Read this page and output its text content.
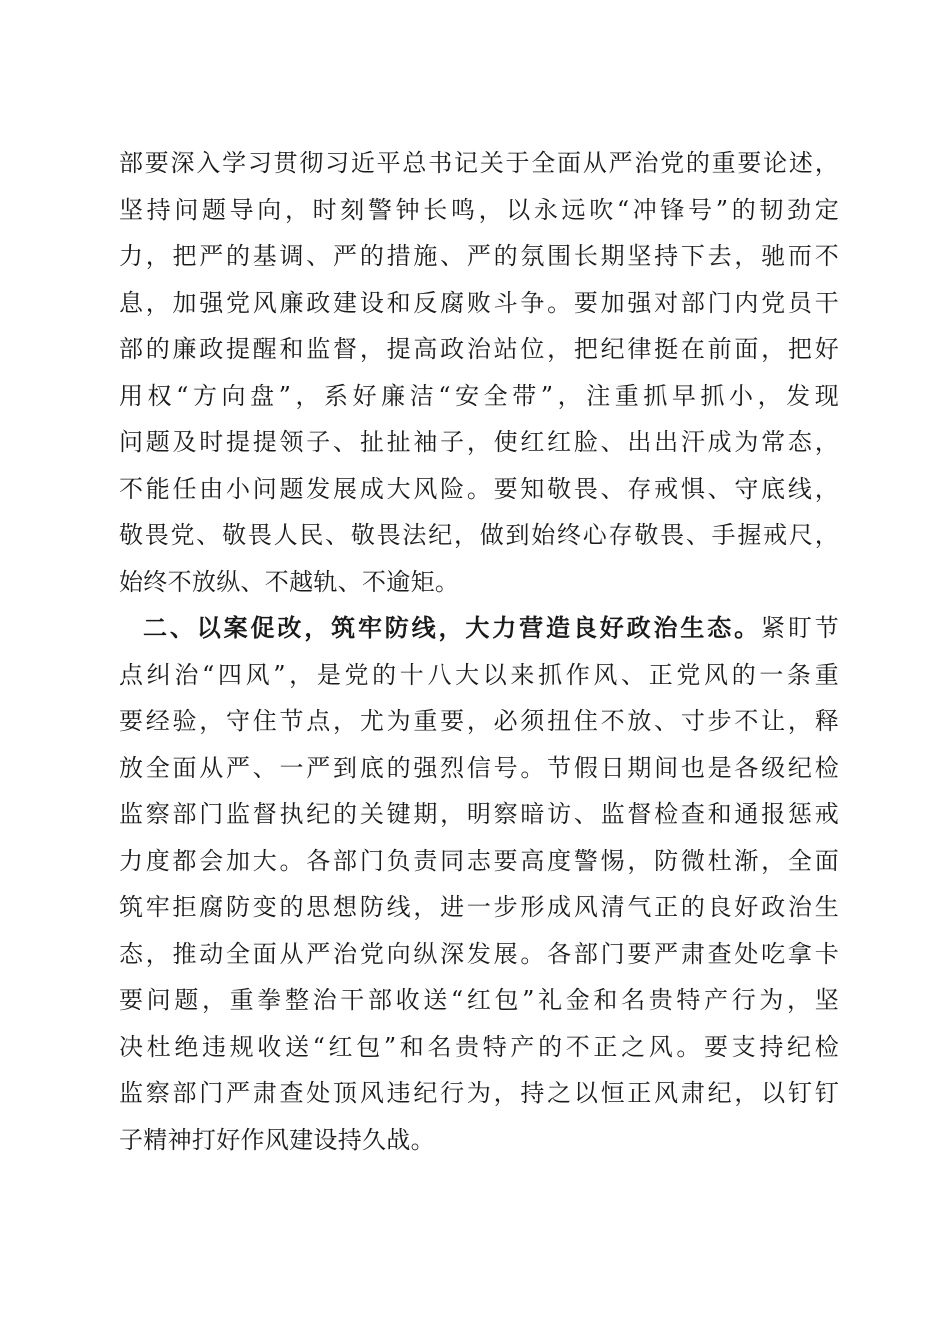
部要深入学习贯彻习近平总书记关于全面从严治党的重要论述，
坚持问题导向，时刻警钟长鸣，以永远吹“冲锋号”的韧劲定
力，把严的基调、严的措施、严的氛围长期坚持下去，驰而不
息，加强党风廉政建设和反腐败斗争。要加强对部门内党员干
部的廉政提醒和监督，提高政治站位，把纪律挺在前面，把好
用权“方向盘”，系好廉洁“安全带”，注重抓早抓小，发现
问题及时提提领子、扯扯袖子，使红红脸、出出汗成为常态，
不能任由小问题发展成大风险。要知敬畏、存戒惧、守底线，
敬畏党、敬畏人民、敬畏法纪，做到始终心存敬畏、手握戒尺，
始终不放纵、不越轨、不逾矩。
二、以案促改，筑牢防线，大力营造良好政治生态。紧盯节
点纠治“四风”，是党的十八大以来抓作风、正党风的一条重
要经验，守住节点，尤为重要，必须扭住不放、寸步不让，释
放全面从严、一严到底的强烈信号。节假日期间也是各级纪检
监察部门监督执纪的关键期，明察暗访、监督检查和通报惩戒
力度都会加大。各部门负责同志要高度警惕，防微杜渐，全面
筑牢拒腐防变的思想防线，进一步形成风清气正的良好政治生
态，推动全面从严治党向纵深发展。各部门要严肃查处吃拿卡
要问题，重拳整治干部收送“红包”礼金和名贵特产行为，坚
决杜绝违规收送“红包”和名贵特产的不正之风。要支持纪检
监察部门严肃查处顶风违纪行为，持之以恒正风肃纪，以钉钉
子精神打好作风建设持久战。
